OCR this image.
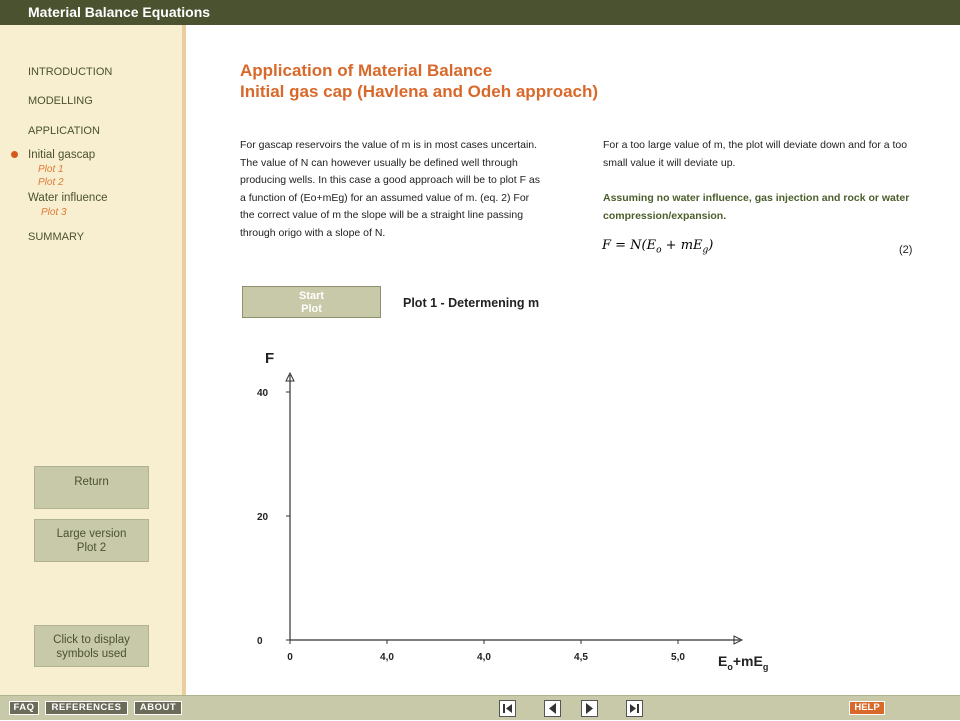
Material Balance Equations
INTRODUCTION
MODELLING
APPLICATION
Initial gascap
Plot 1
Plot 2
Water influence
Plot 3
SUMMARY
Return
Large version
Plot 2
Click to display
symbols used
Application of Material Balance
Initial gas cap (Havlena and Odeh approach)
For gascap reservoirs the value of m is in most cases uncertain. The value of N can however usually be defined well through producing wells. In this case a good approach will be to plot F as a function of (Eo+mEg) for an assumed value of m. (eq. 2) For the correct value of m the slope will be a straight line passing through origo with a slope of N.
For a too large value of m, the plot will deviate down and for a too small value it will deviate up.
Assuming no water influence, gas injection and rock or water compression/expansion.
$F = N(E_o + mE_g)$	(2)
Start
Plot	Plot 1 - Determening m
40
20
0
0	4,0	4,0	4,5	5,0
F
$E_o+mE_g$
FAQ	REFERENCES	ABOUT	HELP
